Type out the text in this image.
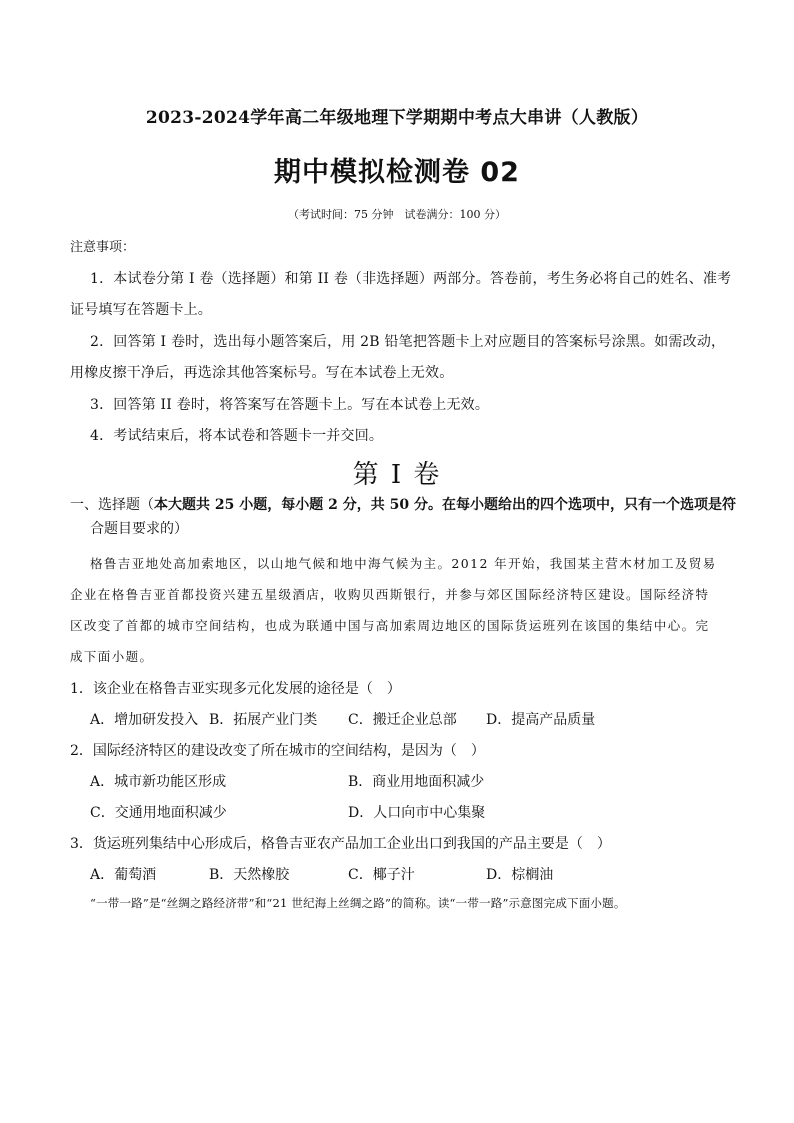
2023-2024学年高二年级地理下学期期中考点大串讲（人教版）
期中模拟检测卷 02
（考试时间：75 分钟　试卷满分：100 分）
注意事项：
1．本试卷分第 I 卷（选择题）和第 II 卷（非选择题）两部分。答卷前，考生务必将自己的姓名、准考
证号填写在答题卡上。
2．回答第 I 卷时，选出每小题答案后，用 2B 铅笔把答题卡上对应题目的答案标号涂黑。如需改动，
用橡皮擦干净后，再选涂其他答案标号。写在本试卷上无效。
3．回答第 II 卷时，将答案写在答题卡上。写在本试卷上无效。
4．考试结束后，将本试卷和答题卡一并交回。
第 I 卷
一、选择题（本大题共 25 小题，每小题 2 分，共 50 分。在每小题给出的四个选项中，只有一个选项是符
合题目要求的）
格鲁吉亚地处高加索地区，以山地气候和地中海气候为主。2012 年开始，我国某主营木材加工及贸易
企业在格鲁吉亚首都投资兴建五星级酒店，收购贝西斯银行，并参与郊区国际经济特区建设。国际经济特
区改变了首都的城市空间结构，也成为联通中国与高加索周边地区的国际货运班列在该国的集结中心。完
成下面小题。
1．该企业在格鲁吉亚实现多元化发展的途径是（　）
A．增加研发投入 B．拓展产业门类 C．搬迁企业总部 D．提高产品质量
2．国际经济特区的建设改变了所在城市的空间结构，是因为（　）
A．城市新功能区形成	B．商业用地面积减少
C．交通用地面积减少	D．人口向市中心集聚
3．货运班列集结中心形成后，格鲁吉亚农产品加工企业出口到我国的产品主要是（　）
A．葡萄酒	B．天然橡胶	C．椰子汁	D．棕榈油
“一带一路”是“丝绸之路经济带”和“21 世纪海上丝绸之路”的简称。读“一带一路”示意图完成下面小题。
